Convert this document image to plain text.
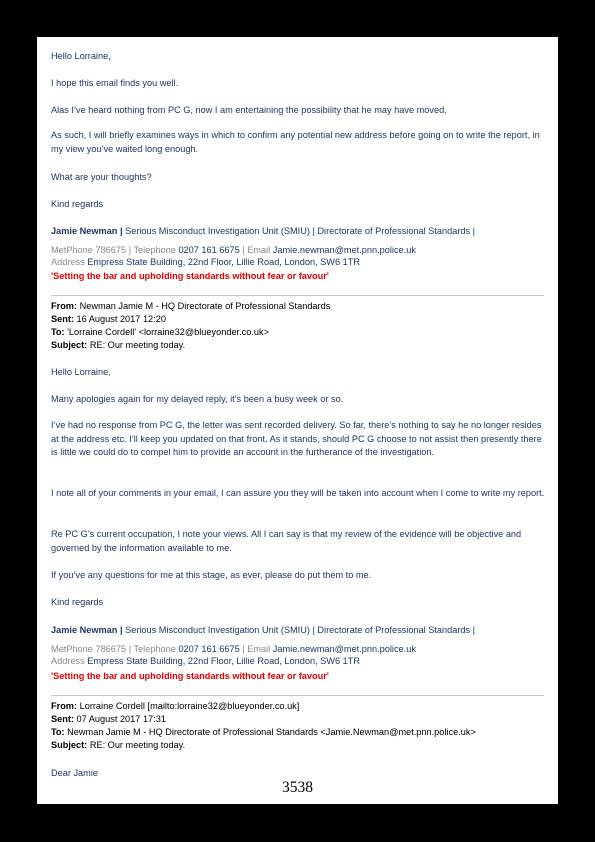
Hello Lorraine,
I hope this email finds you well.
Alas I’ve heard nothing from PC G, now I am entertaining the possibility that he may have moved.
As such, I will briefly examines ways in which to confirm any potential new address before going on to write the report, in my view you’ve waited long enough.
What are your thoughts?
Kind regards
Jamie Newman | Serious Misconduct Investigation Unit (SMIU) | Directorate of Professional Standards |
MetPhone 786675 | Telephone 0207 161 6675 | Email Jamie.newman@met.pnn.police.uk
Address Empress State Building, 22nd Floor, Lillie Road, London, SW6 1TR
'Setting the bar and upholding standards without fear or favour'
From: Newman Jamie M - HQ Directorate of Professional Standards
Sent: 16 August 2017 12:20
To: 'Lorraine Cordell' <lorraine32@blueyonder.co.uk>
Subject: RE: Our meeting today.
Hello Lorraine,
Many apologies again for my delayed reply, it’s been a busy week or so.
I’ve had no response from PC G, the letter was sent recorded delivery. So far, there’s nothing to say he no longer resides at the address etc. I’ll keep you updated on that front. As it stands, should PC G choose to not assist then presently there is little we could do to compel him to provide an account in the furtherance of the investigation.
I note all of your comments in your email, I can assure you they will be taken into account when I come to write my report.
Re PC G’s current occupation, I note your views. All I can say is that my review of the evidence will be objective and governed by the information available to me.
If you’ve any questions for me at this stage, as ever, please do put them to me.
Kind regards
Jamie Newman | Serious Misconduct Investigation Unit (SMIU) | Directorate of Professional Standards |
MetPhone 786675 | Telephone 0207 161 6675 | Email Jamie.newman@met.pnn.police.uk
Address Empress State Building, 22nd Floor, Lillie Road, London, SW6 1TR
'Setting the bar and upholding standards without fear or favour'
From: Lorraine Cordell [mailto:lorraine32@blueyonder.co.uk]
Sent: 07 August 2017 17:31
To: Newman Jamie M - HQ Directorate of Professional Standards <Jamie.Newman@met.pnn.police.uk>
Subject: RE: Our meeting today.
Dear Jamie
3538
